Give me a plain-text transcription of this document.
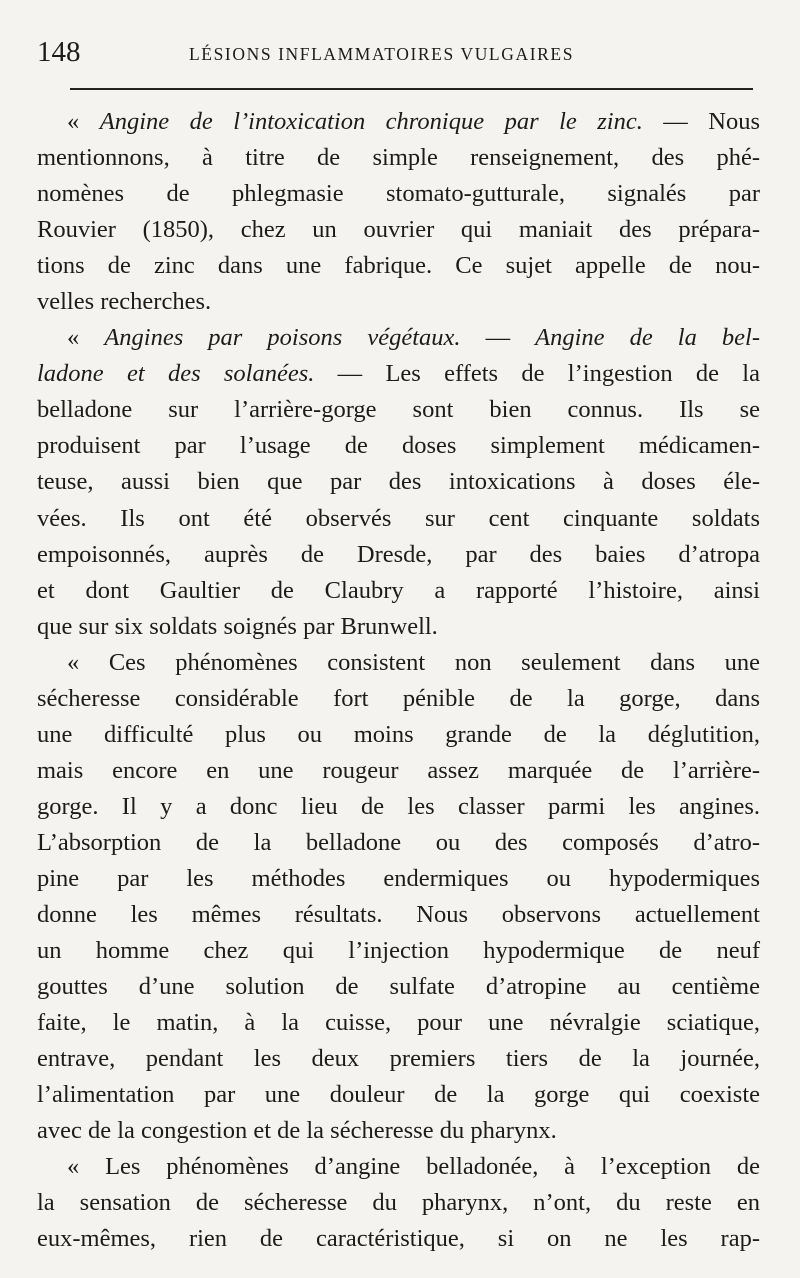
148	LÉSIONS INFLAMMATOIRES VULGAIRES
« Angine de l’intoxication chronique par le zinc. — Nous
mentionnons, à titre de simple renseignement, des phé-
nomènes de phlegmasie stomato-gutturale, signalés par
Rouvier (1850), chez un ouvrier qui maniait des prépara-
tions de zinc dans une fabrique. Ce sujet appelle de nou-
velles recherches.
« Angines par poisons végétaux. — Angine de la bel-
ladone et des solanées. — Les effets de l’ingestion de la
belladone sur l’arrière-gorge sont bien connus. Ils se
produisent par l’usage de doses simplement médicamen-
teuse, aussi bien que par des intoxications à doses éle-
vées. Ils ont été observés sur cent cinquante soldats
empoisonnés, auprès de Dresde, par des baies d’atropa
et dont Gaultier de Claubry a rapporté l’histoire, ainsi
que sur six soldats soignés par Brunwell.
« Ces phénomènes consistent non seulement dans une
sécheresse considérable fort pénible de la gorge, dans
une difficulté plus ou moins grande de la déglutition,
mais encore en une rougeur assez marquée de l’arrière-
gorge. Il y a donc lieu de les classer parmi les angines.
L’absorption de la belladone ou des composés d’atro-
pine par les méthodes endermiques ou hypodermiques
donne les mêmes résultats. Nous observons actuellement
un homme chez qui l’injection hypodermique de neuf
gouttes d’une solution de sulfate d’atropine au centième
faite, le matin, à la cuisse, pour une névralgie sciatique,
entrave, pendant les deux premiers tiers de la journée,
l’alimentation par une douleur de la gorge qui coexiste
avec de la congestion et de la sécheresse du pharynx.
« Les phénomènes d’angine belladonée, à l’exception de
la sensation de sécheresse du pharynx, n’ont, du reste en
eux-mêmes, rien de caractéristique, si on ne les rap-
